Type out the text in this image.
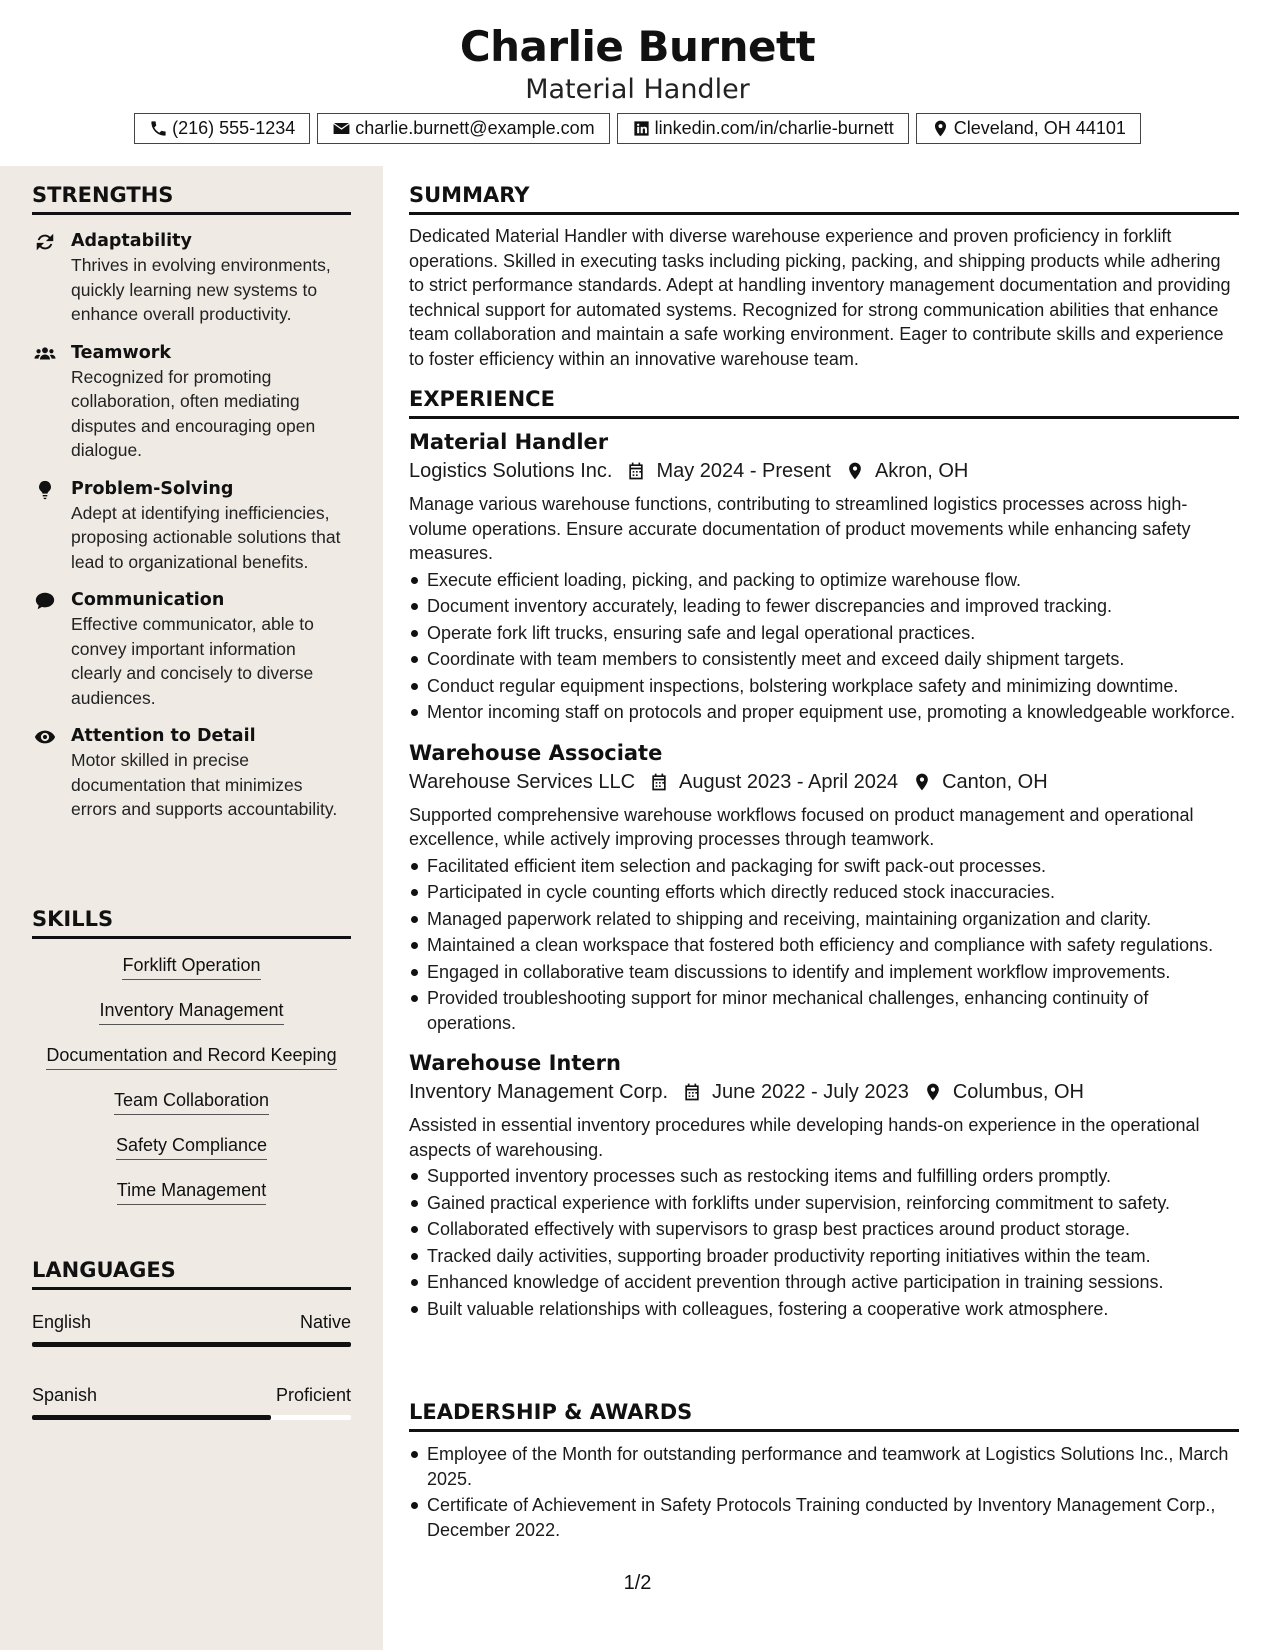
Charlie Burnett
Material Handler
(216) 555-1234	charlie.burnett@example.com	linkedin.com/in/charlie-burnett	Cleveland, OH 44101
STRENGTHS
Adaptability
Thrives in evolving environments, quickly learning new systems to enhance overall productivity.
Teamwork
Recognized for promoting collaboration, often mediating disputes and encouraging open dialogue.
Problem-Solving
Adept at identifying inefficiencies, proposing actionable solutions that lead to organizational benefits.
Communication
Effective communicator, able to convey important information clearly and concisely to diverse audiences.
Attention to Detail
Motor skilled in precise documentation that minimizes errors and supports accountability.
SKILLS
Forklift Operation
Inventory Management
Documentation and Record Keeping
Team Collaboration
Safety Compliance
Time Management
LANGUAGES
English	Native
Spanish	Proficient
SUMMARY
Dedicated Material Handler with diverse warehouse experience and proven proficiency in forklift operations. Skilled in executing tasks including picking, packing, and shipping products while adhering to strict performance standards. Adept at handling inventory management documentation and providing technical support for automated systems. Recognized for strong communication abilities that enhance team collaboration and maintain a safe working environment. Eager to contribute skills and experience to foster efficiency within an innovative warehouse team.
EXPERIENCE
Material Handler
Logistics Solutions Inc. May 2024 - Present Akron, OH
Manage various warehouse functions, contributing to streamlined logistics processes across high-volume operations. Ensure accurate documentation of product movements while enhancing safety measures.
Execute efficient loading, picking, and packing to optimize warehouse flow.
Document inventory accurately, leading to fewer discrepancies and improved tracking.
Operate fork lift trucks, ensuring safe and legal operational practices.
Coordinate with team members to consistently meet and exceed daily shipment targets.
Conduct regular equipment inspections, bolstering workplace safety and minimizing downtime.
Mentor incoming staff on protocols and proper equipment use, promoting a knowledgeable workforce.
Warehouse Associate
Warehouse Services LLC August 2023 - April 2024 Canton, OH
Supported comprehensive warehouse workflows focused on product management and operational excellence, while actively improving processes through teamwork.
Facilitated efficient item selection and packaging for swift pack-out processes.
Participated in cycle counting efforts which directly reduced stock inaccuracies.
Managed paperwork related to shipping and receiving, maintaining organization and clarity.
Maintained a clean workspace that fostered both efficiency and compliance with safety regulations.
Engaged in collaborative team discussions to identify and implement workflow improvements.
Provided troubleshooting support for minor mechanical challenges, enhancing continuity of operations.
Warehouse Intern
Inventory Management Corp. June 2022 - July 2023 Columbus, OH
Assisted in essential inventory procedures while developing hands-on experience in the operational aspects of warehousing.
Supported inventory processes such as restocking items and fulfilling orders promptly.
Gained practical experience with forklifts under supervision, reinforcing commitment to safety.
Collaborated effectively with supervisors to grasp best practices around product storage.
Tracked daily activities, supporting broader productivity reporting initiatives within the team.
Enhanced knowledge of accident prevention through active participation in training sessions.
Built valuable relationships with colleagues, fostering a cooperative work atmosphere.
LEADERSHIP & AWARDS
Employee of the Month for outstanding performance and teamwork at Logistics Solutions Inc., March 2025.
Certificate of Achievement in Safety Protocols Training conducted by Inventory Management Corp., December 2022.
1/2
